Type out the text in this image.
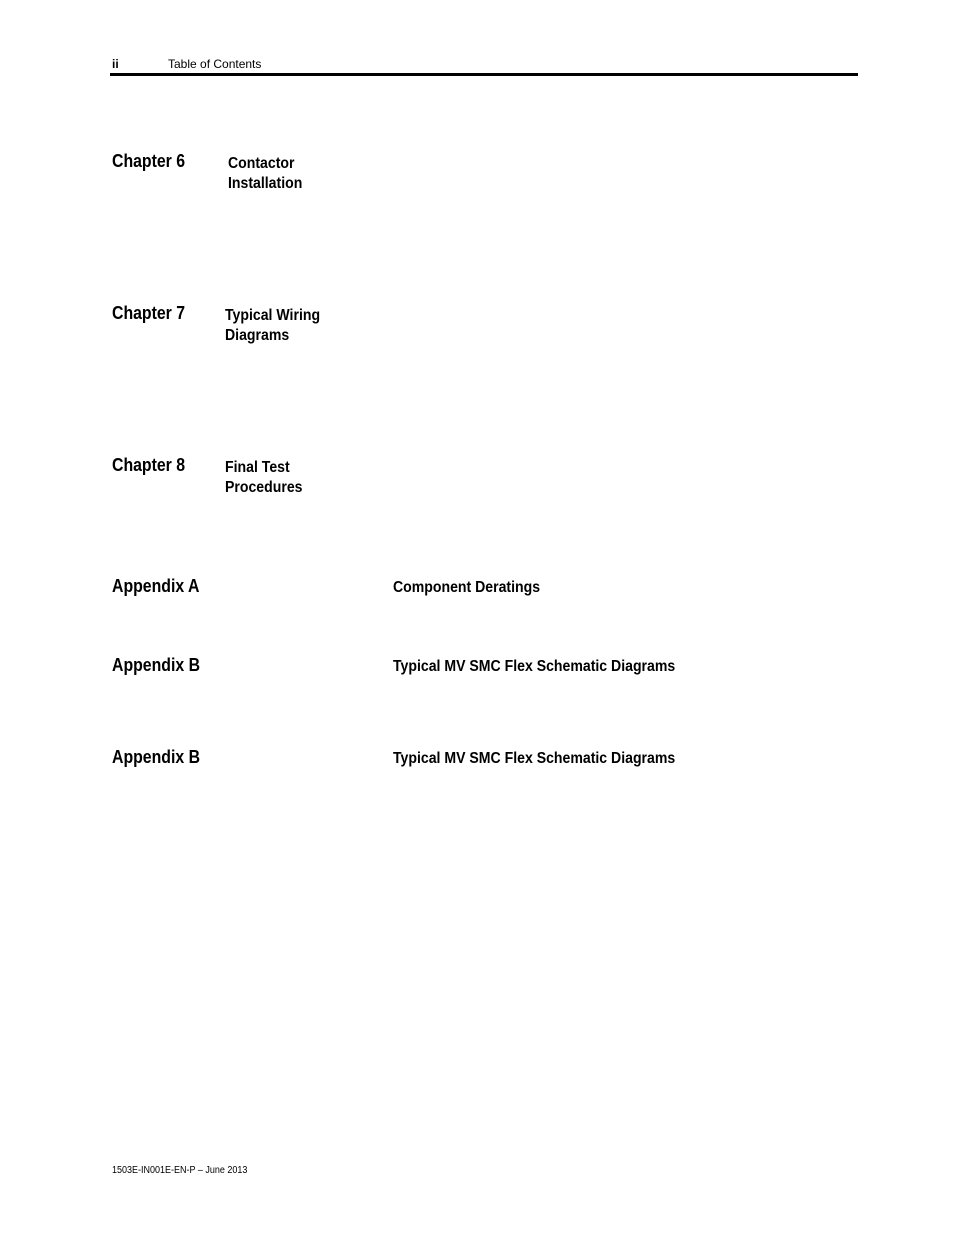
ii	Table of Contents
Chapter 6	Contactor
Installation
Chapter 7 Typical Wiring
Diagrams
Chapter 8 Final Test
Procedures
Appendix A	Component Deratings
Appendix B	Typical MV SMC Flex Schematic Diagrams
Appendix B	Typical MV SMC Flex Schematic Diagrams
1503E-IN001E-EN-P – June 2013
